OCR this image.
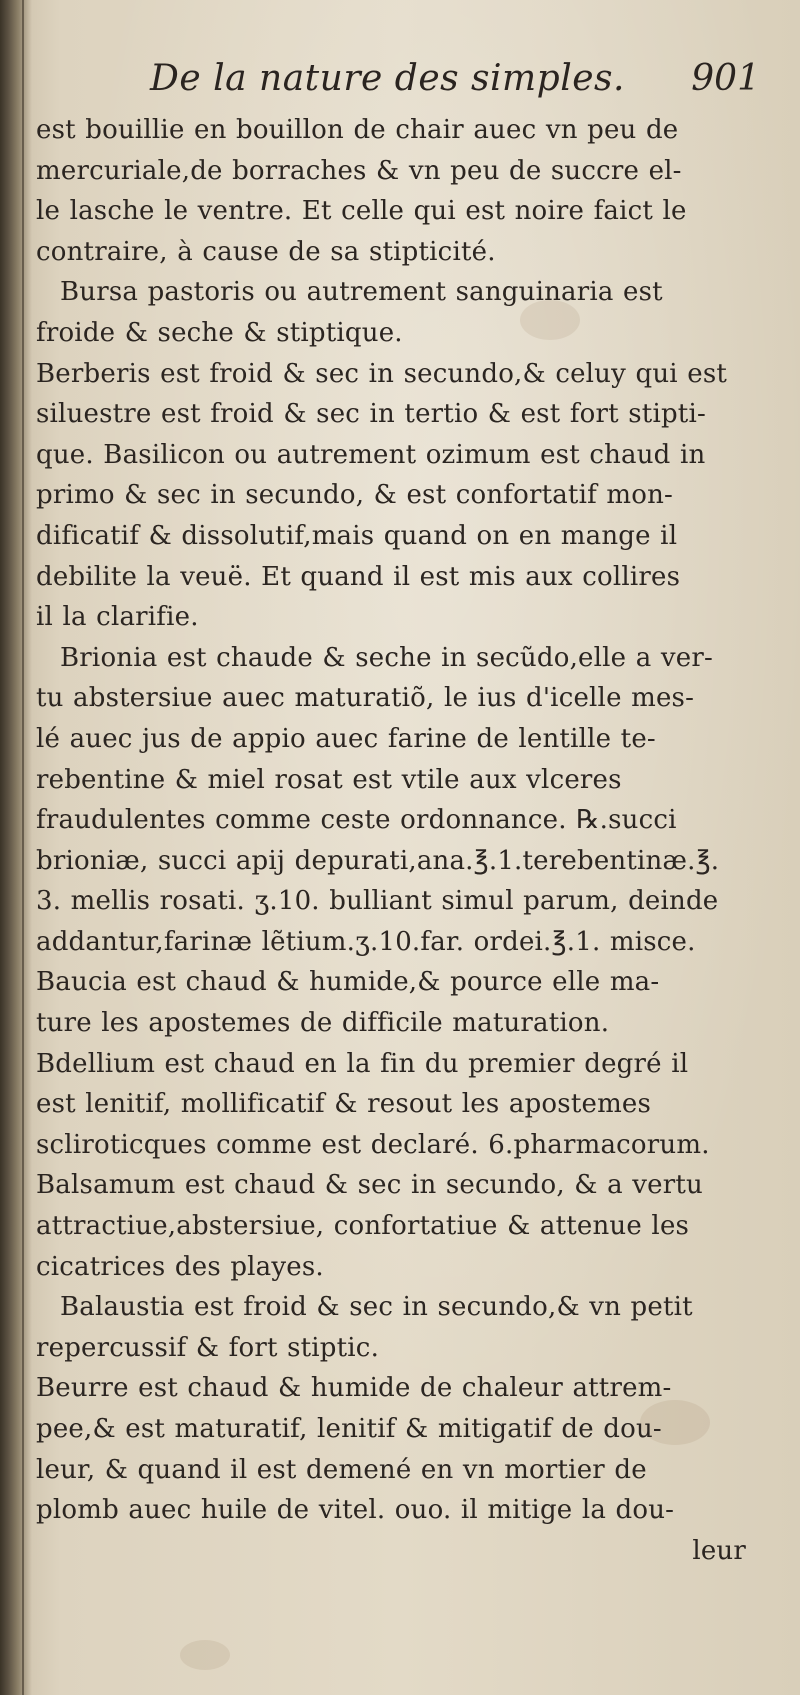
De la nature des simples. 901
est bouillie en bouillon de chair auec vn peu de
mercuriale,de borraches & vn peu de succre el-
le lasche le ventre. Et celle qui est noire faict le
contraire, à cause de sa stipticité.
Bursa pastoris ou autrement sanguinaria est
froide & seche & stiptique.
Berberis est froid & sec in secundo,& celuy qui est
siluestre est froid & sec in tertio & est fort stipti-
que. Basilicon ou autrement ozimum est chaud in
primo & sec in secundo, & est confortatif mon-
dificatif & dissolutif,mais quand on en mange il
debilite la veuë. Et quand il est mis aux collires
il la clarifie.
Brionia est chaude & seche in secũdo,elle a ver-
tu abstersiue auec maturatiõ, le ius d'icelle mes-
lé auec jus de appio auec farine de lentille te-
rebentine & miel rosat est vtile aux vlceres
fraudulentes comme ceste ordonnance. ℞.succi
brioniæ, succi apij depurati,ana.℥.1.terebentinæ.℥.
3. mellis rosati. ʒ.10. bulliant simul parum, deinde
addantur,farinæ lẽtium.ʒ.10.far. ordei.℥.1. misce.
Baucia est chaud & humide,& pource elle ma-
ture les apostemes de difficile maturation.
Bdellium est chaud en la fin du premier degré il
est lenitif, mollificatif & resout les apostemes
scliroticques comme est declaré. 6.pharmacorum.
Balsamum est chaud & sec in secundo, & a vertu
attractiue,abstersiue, confortatiue & attenue les
cicatrices des playes.
Balaustia est froid & sec in secundo,& vn petit
repercussif & fort stiptic.
Beurre est chaud & humide de chaleur attrem-
pee,& est maturatif, lenitif & mitigatif de dou-
leur, & quand il est demené en vn mortier de
plomb auec huile de vitel. ouo. il mitige la dou-
leur
